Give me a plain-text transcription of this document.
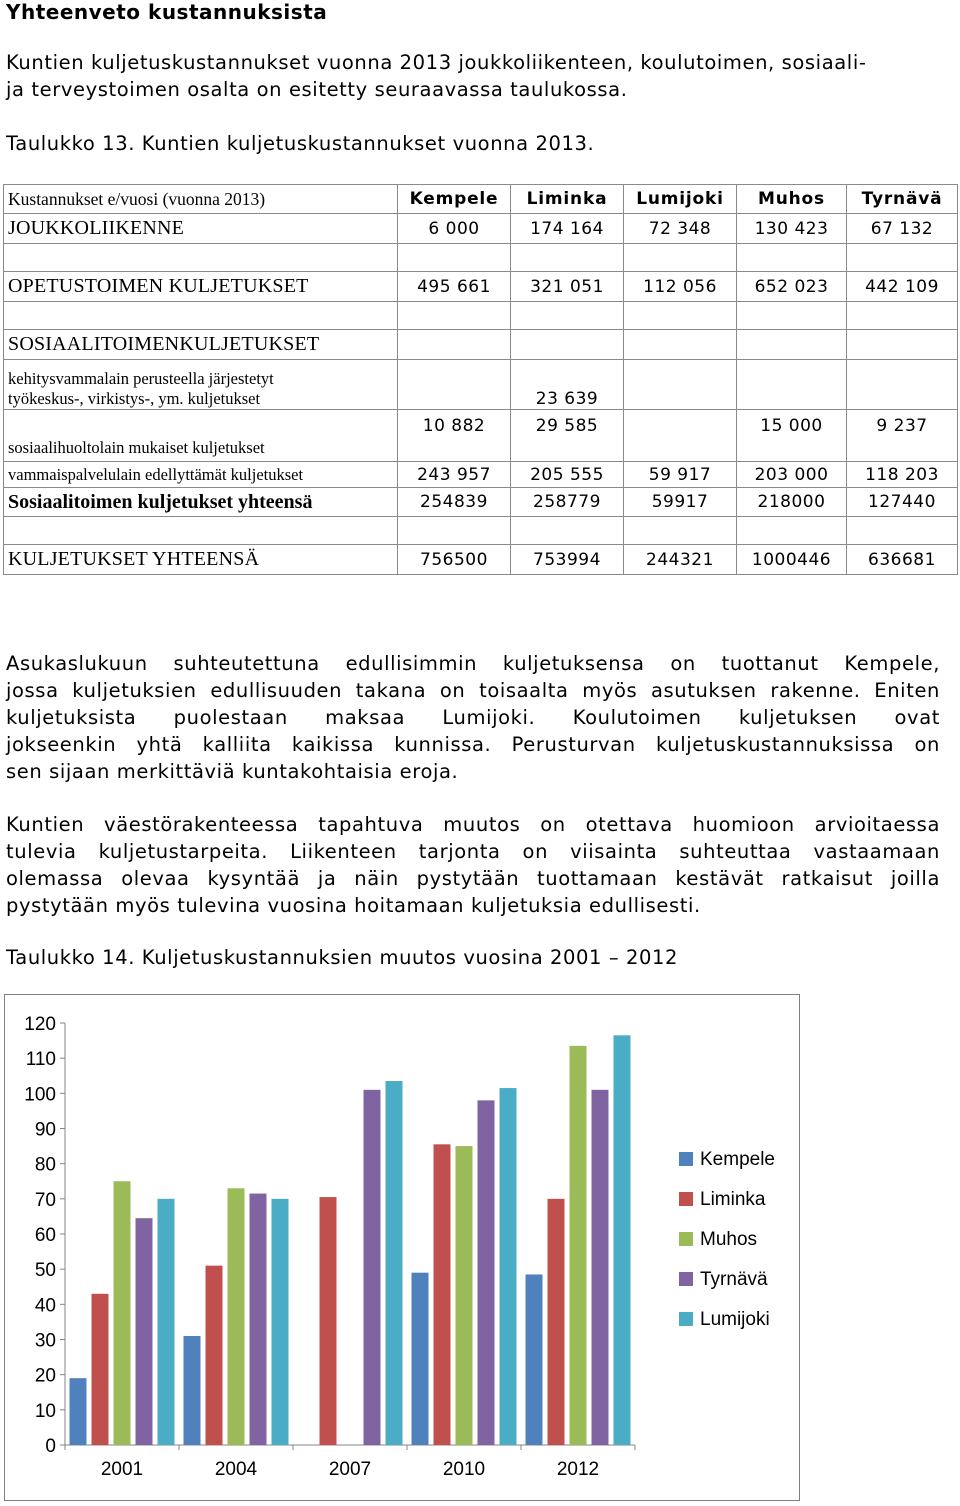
Yhteenveto kustannuksista
Kuntien kuljetuskustannukset vuonna 2013 joukkoliikenteen, koulutoimen, sosiaali-
ja terveystoimen osalta on esitetty seuraavassa taulukossa.
Taulukko 13. Kuntien kuljetuskustannukset vuonna 2013.
Kustannukset e/vuosi (vuonna 2013)	Kempele	Liminka	Lumijoki	Muhos	Tyrnävä
JOUKKOLIIKENNE	6 000	174 164	72 348	130 423	67 132

OPETUSTOIMEN KULJETUKSET	495 661	321 051	112 056	652 023	442 109

SOSIAALITOIMENKULJETUKSET					

kehitysvammalain perusteella järjestetyt
työkeskus-, virkistys-, ym. kuljetukset		23 639			
sosiaalihuoltolain mukaiset kuljetukset	10 882	29 585		15 000	9 237
vammaispalvelulain edellyttämät kuljetukset	243 957	205 555	59 917	203 000	118 203
Sosiaalitoimen kuljetukset yhteensä	254839	258779	59917	218000	127440

KULJETUKSET YHTEENSÄ	756500	753994	244321	1000446	636681
Asukaslukuun suhteutettuna edullisimmin kuljetuksensa on tuottanut Kempele,
jossa kuljetuksien edullisuuden takana on toisaalta myös asutuksen rakenne. Eniten
kuljetuksista puolestaan maksaa Lumijoki. Koulutoimen kuljetuksen ovat
jokseenkin yhtä kalliita kaikissa kunnissa. Perusturvan kuljetuskustannuksissa on
sen sijaan merkittäviä kuntakohtaisia eroja.
Kuntien väestörakenteessa tapahtuva muutos on otettava huomioon arvioitaessa
tulevia kuljetustarpeita. Liikenteen tarjonta on viisainta suhteuttaa vastaamaan
olemassa olevaa kysyntää ja näin pystytään tuottamaan kestävät ratkaisut joilla
pystytään myös tulevina vuosina hoitamaan kuljetuksia edullisesti.
Taulukko 14. Kuljetuskustannuksien muutos vuosina 2001 – 2012
0
10
20
30
40
50
60
70
80
90
100
110
120
2001	2004	2007	2010	2012
Kempele
Liminka
Muhos
Tyrnävä
Lumijoki
